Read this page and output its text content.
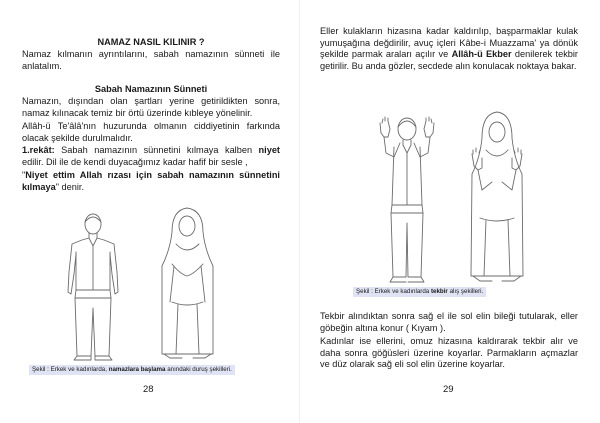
NAMAZ NASIL KILINIR ?
Namaz kılmanın ayrıntılarını, sabah namazının sünneti ile anlatalım.
Sabah Namazının Sünneti
Namazın, dışından olan şartları yerine getirildikten sonra, namaz kılınacak temiz bir örtü üzerinde kıbleye yönelinir.
Allâh-ü Te'âlâ'nın huzurunda olmanın ciddiyetinin farkında olacak şekilde durulmalıdır.
1.rekât: Sabah namazının sünnetini kılmaya kalben niyet edilir. Dil ile de kendi duyacağımız kadar hafif bir sesle ,
"Niyet ettim Allah rızası için sabah namazının sünnetini kılmaya" denir.
Şekil : Erkek ve kadınlarda, namazlara başlama anındaki duruş şekilleri.
28
Eller kulakların hizasına kadar kaldırılıp, başparmaklar kulak yumuşağına değdirilir, avuç içleri Kâbe-i Muazzama' ya dönük şekilde parmak araları açılır ve Allâh-ü Ekber denilerek tekbir getirilir. Bu anda gözler, secdede alın konulacak noktaya bakar.
Şekil : Erkek ve kadınlarda tekbir alış şekilleri.
Tekbir alındıktan sonra sağ el ile sol elin bileği tutularak, eller göbeğin altına konur ( Kıyam ).
Kadınlar ise ellerini, omuz hizasına kaldırarak tekbir alır ve daha sonra göğüsleri üzerine koyarlar. Parmakların açmazlar ve düz olarak sağ eli sol elin üzerine koyarlar.
29
